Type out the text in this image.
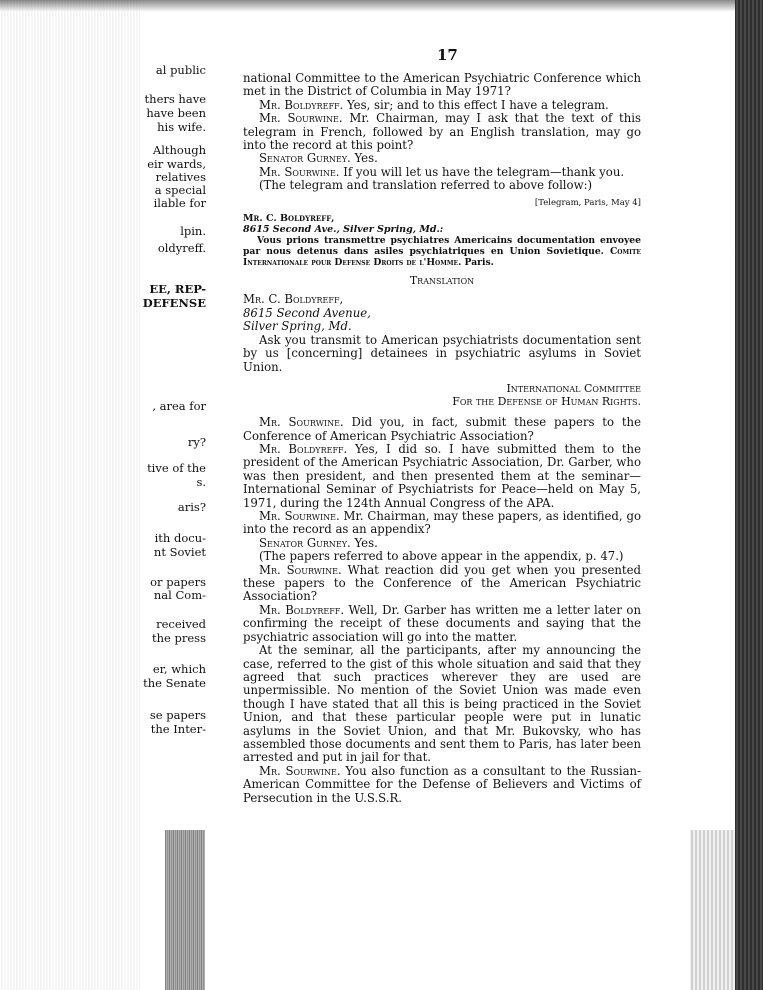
17
al public
thers have
have been
his wife.
Although
eir wards,
relatives
a special
ilable for
lpin.
oldyreff.
EE, REP-
DEFENSE
, area for
ry?
tive of the
s.
aris?
ith docu-
nt Soviet
or papers
nal Com-
received
the press
er, which
the Senate
se papers
the Inter-

national Committee to the American Psychiatric Conference which met in the District of Columbia in May 1971?

Mr. Boldyreff. Yes, sir; and to this effect I have a telegram.

Mr. Sourwine. Mr. Chairman, may I ask that the text of this telegram in French, followed by an English translation, may go into the record at this point?

Senator Gurney. Yes.

Mr. Sourwine. If you will let us have the telegram—thank you.

(The telegram and translation referred to above follow:)

[Telegram, Paris, May 4]
Mr. C. Boldyreff,
8615 Second Ave., Silver Spring, Md.:

Vous prions transmettre psychiatres Americains documentation envoyee par nous detenus dans asiles psychiatriques en Union Sovietique. Comite Internationale pour Defense Droits de l'Homme. Paris.

Translation
Mr. C. Boldyreff,
8615 Second Avenue,
Silver Spring, Md.

Ask you transmit to American psychiatrists documentation sent by us [concerning] detainees in psychiatric asylums in Soviet Union.

International Committee
For the Defense of Human Rights.

Mr. Sourwine. Did you, in fact, submit these papers to the Conference of American Psychiatric Association?

Mr. Boldyreff. Yes, I did so. I have submitted them to the president of the American Psychiatric Association, Dr. Garber, who was then president, and then presented them at the seminar—International Seminar of Psychiatrists for Peace—held on May 5, 1971, during the 124th Annual Congress of the APA.

Mr. Sourwine. Mr. Chairman, may these papers, as identified, go into the record as an appendix?

Senator Gurney. Yes.

(The papers referred to above appear in the appendix, p. 47.)

Mr. Sourwine. What reaction did you get when you presented these papers to the Conference of the American Psychiatric Association?

Mr. Boldyreff. Well, Dr. Garber has written me a letter later on confirming the receipt of these documents and saying that the psychiatric association will go into the matter.

At the seminar, all the participants, after my announcing the case, referred to the gist of this whole situation and said that they agreed that such practices wherever they are used are unpermissible. No mention of the Soviet Union was made even though I have stated that all this is being practiced in the Soviet Union, and that these particular people were put in lunatic asylums in the Soviet Union, and that Mr. Bukovsky, who has assembled those documents and sent them to Paris, has later been arrested and put in jail for that.

Mr. Sourwine. You also function as a consultant to the Russian-American Committee for the Defense of Believers and Victims of Persecution in the U.S.S.R.
